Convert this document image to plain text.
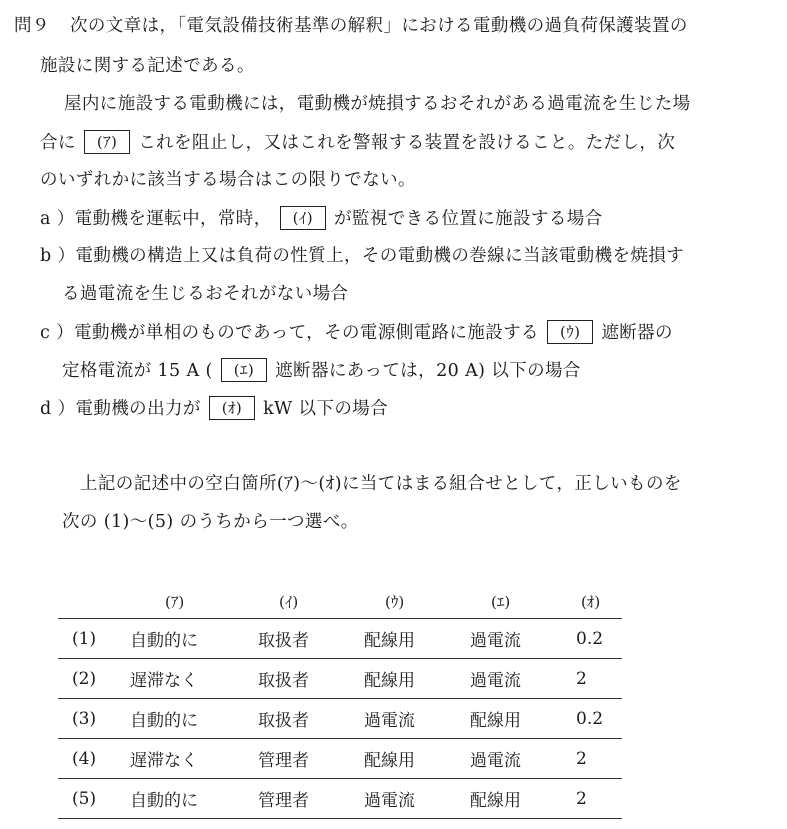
問９ 次の文章は，「電気設備技術基準の解釈」における電動機の過負荷保護装置の
施設に関する記述である。
屋内に施設する電動機には，電動機が焼損するおそれがある過電流を生じた場
合に (ｱ) これを阻止し，又はこれを警報する装置を設けること。ただし，次
のいずれかに該当する場合はこの限りでない。
a ）電動機を運転中，常時， (ｲ) が監視できる位置に施設する場合
b ）電動機の構造上又は負荷の性質上，その電動機の巻線に当該電動機を焼損す
る過電流を生じるおそれがない場合
c ）電動機が単相のものであって，その電源側電路に施設する (ｳ) 遮断器の
定格電流が 15 A ( (ｴ) 遮断器にあっては，20 A) 以下の場合
d ）電動機の出力が (ｵ) kW 以下の場合
上記の記述中の空白箇所(ｱ)～(ｵ)に当てはまる組合せとして，正しいものを
次の (1)～(5) のうちから一つ選べ。
	(ｱ)	(ｲ)	(ｳ)	(ｴ)	(ｵ)
(1)	自動的に	取扱者	配線用	過電流	0.2
(2)	遅滞なく	取扱者	配線用	過電流	2
(3)	自動的に	取扱者	過電流	配線用	0.2
(4)	遅滞なく	管理者	配線用	過電流	2
(5)	自動的に	管理者	過電流	配線用	2
